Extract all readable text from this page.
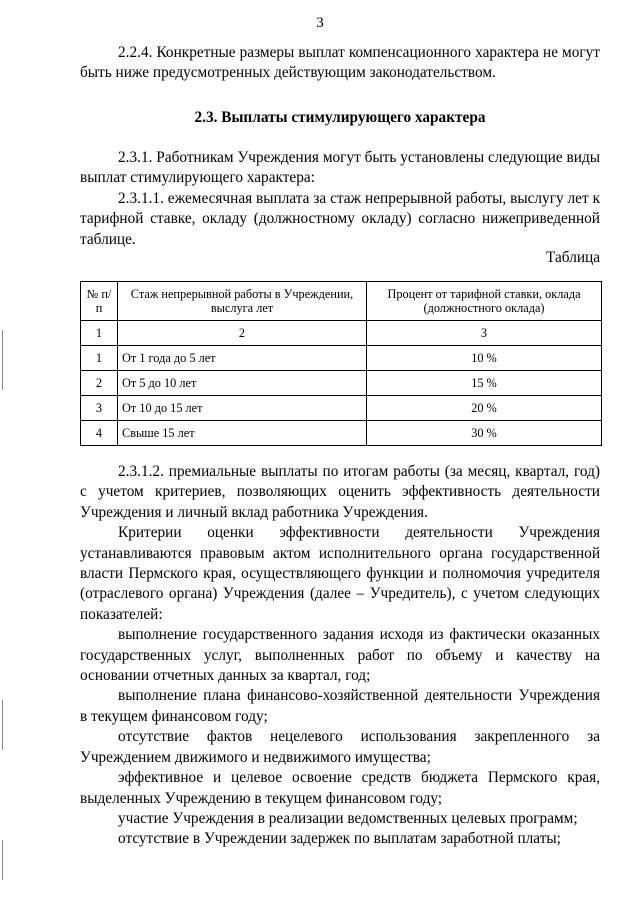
3

2.2.4. Конкретные размеры выплат компенсационного характера не могут быть ниже предусмотренных действующим законодательством.

2.3. Выплаты стимулирующего характера

2.3.1. Работникам Учреждения могут быть установлены следующие виды выплат стимулирующего характера:

2.3.1.1. ежемесячная выплата за стаж непрерывной работы, выслугу лет к тарифной ставке, окладу (должностному окладу) согласно нижеприведенной таблице.

Таблица
№ п/п	Стаж непрерывной работы в Учреждении, выслуга лет	Процент от тарифной ставки, оклада (должностного оклада)
1	2	3
1	От 1 года до 5 лет	10 %
2	От 5 до 10 лет	15 %
3	От 10 до 15 лет	20 %
4	Свыше 15 лет	30 %

2.3.1.2. премиальные выплаты по итогам работы (за месяц, квартал, год) с учетом критериев, позволяющих оценить эффективность деятельности Учреждения и личный вклад работника Учреждения.

Критерии оценки эффективности деятельности Учреждения устанавливаются правовым актом исполнительного органа государственной власти Пермского края, осуществляющего функции и полномочия учредителя (отраслевого органа) Учреждения (далее – Учредитель), с учетом следующих показателей:

выполнение государственного задания исходя из фактически оказанных государственных услуг, выполненных работ по объему и качеству на основании отчетных данных за квартал, год;

выполнение плана финансово-хозяйственной деятельности Учреждения в текущем финансовом году;

отсутствие фактов нецелевого использования закрепленного за Учреждением движимого и недвижимого имущества;

эффективное и целевое освоение средств бюджета Пермского края, выделенных Учреждению в текущем финансовом году;

участие Учреждения в реализации ведомственных целевых программ;

отсутствие в Учреждении задержек по выплатам заработной платы;
